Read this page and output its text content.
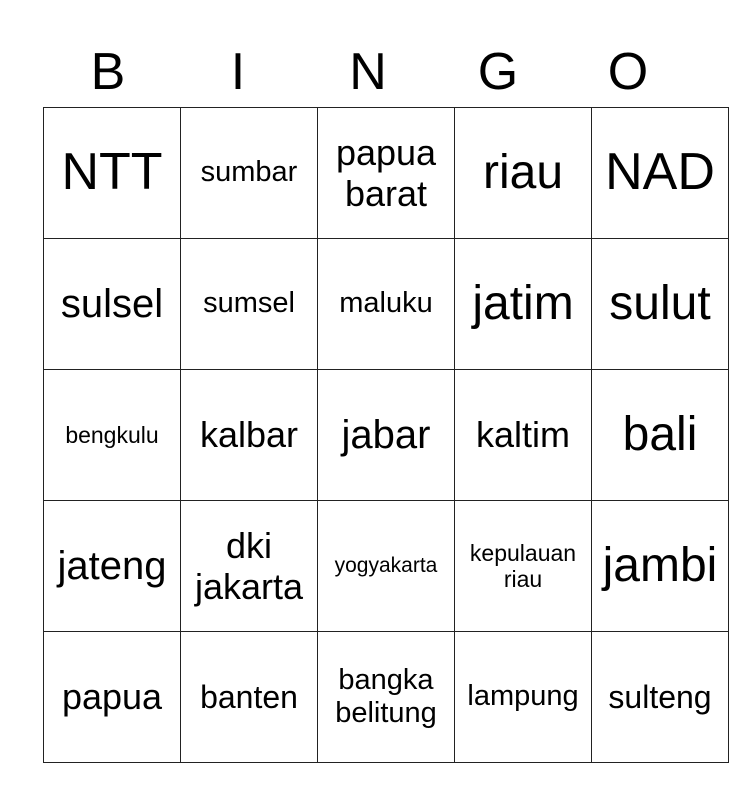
B	I	N	G	O
NTT	sumbar	papua barat	riau	NAD
sulsel	sumsel	maluku	jatim	sulut
bengkulu	kalbar	jabar	kaltim	bali
jateng	dki jakarta	yogyakarta	kepulauan riau	jambi
papua	banten	bangka belitung	lampung	sulteng
